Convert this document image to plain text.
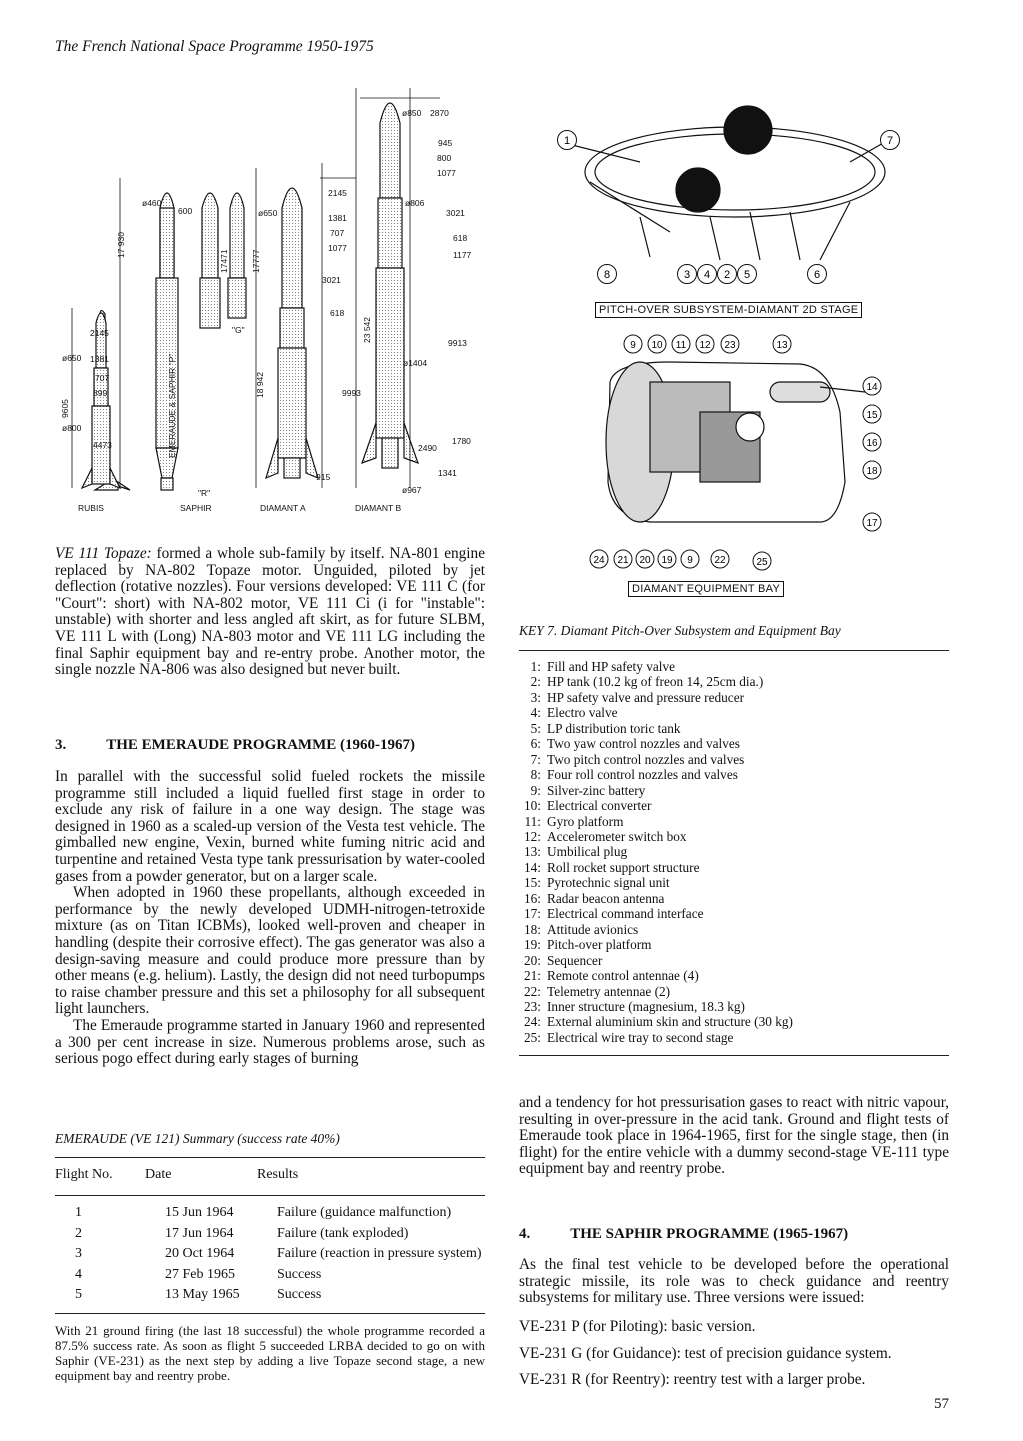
The French National Space Programme 1950-1975
RUBIS	SAPHIR	DIAMANT A	DIAMANT B
"R"
"G"
17 930
9605	EMERAUDE & SAPHIR "P"
17471	17777
18 942
23 542
2145
ø650 1381
707
899
ø800
4473
ø460
600	ø650
2145
1381
707
1077
3021
618
9993
915
ø850 2870
945
800
1077
ø806
3021
618
1177
9913
ø1404
2490
1780
1341
ø967

VE 111 Topaze: formed a whole sub-family by itself. NA-801 engine replaced by NA-802 Topaze motor. Unguided, piloted by jet deflection (rotative nozzles). Four versions developed: VE 111 C (for "Court": short) with NA-802 motor, VE 111 Ci (i for "instable": unstable) with shorter and less angled aft skirt, as for future SLBM, VE 111 L with (Long) NA-803 motor and VE 111 LG including the final Saphir equipment bay and re-entry probe. Another motor, the single nozzle NA-806 was also designed but never built.

3.	THE EMERAUDE PROGRAMME (1960-1967)

In parallel with the successful solid fueled rockets the missile programme still included a liquid fuelled first stage in order to exclude any risk of failure in a one way design. The stage was designed in 1960 as a scaled-up version of the Vesta test vehicle. The gimballed new engine, Vexin, burned white fuming nitric acid and turpentine and retained Vesta type tank pressurisation by water-cooled gases from a powder generator, but on a larger scale.

When adopted in 1960 these propellants, although exceeded in performance by the newly developed UDMH-nitrogen-tetroxide mixture (as on Titan ICBMs), looked well-proven and cheaper in handling (despite their corrosive effect). The gas generator was also a design-saving measure and could produce more pressure than by other means (e.g. helium). Lastly, the design did not need turbopumps to raise chamber pressure and this set a philosophy for all subsequent light launchers.

The Emeraude programme started in January 1960 and represented a 300 per cent increase in size. Numerous problems arose, such as serious pogo effect during early stages of burning

EMERAUDE (VE 121) Summary (success rate 40%)
Flight No.	Date	Results
1	15 Jun 1964	Failure (guidance malfunction)
2	17 Jun 1964	Failure (tank exploded)
3	20 Oct 1964	Failure (reaction in pressure system)
4	27 Feb 1965	Success
5	13 May 1965	Success
With 21 ground firing (the last 18 successful) the whole programme recorded a 87.5% success rate. As soon as flight 5 succeeded LRBA decided to go on with Saphir (VE-231) as the next step by adding a live Topaze second stage, a new equipment bay and reentry probe.
1	7
8	3 4 2 5	6
9 10 11 12 23	13
14
15
16
18
17
24 21 20 19 9 22	25
PITCH-OVER SUBSYSTEM-DIAMANT 2D STAGE
DIAMANT EQUIPMENT BAY
KEY 7. Diamant Pitch-Over Subsystem and Equipment Bay
1: Fill and HP safety valve
2: HP tank (10.2 kg of freon 14, 25cm dia.)
3: HP safety valve and pressure reducer
4: Electro valve
5: LP distribution toric tank
6: Two yaw control nozzles and valves
7: Two pitch control nozzles and valves
8: Four roll control nozzles and valves
9: Silver-zinc battery
10: Electrical converter
11: Gyro platform
12: Accelerometer switch box
13: Umbilical plug
14: Roll rocket support structure
15: Pyrotechnic signal unit
16: Radar beacon antenna
17: Electrical command interface
18: Attitude avionics
19: Pitch-over platform
20: Sequencer
21: Remote control antennae (4)
22: Telemetry antennae (2)
23: Inner structure (magnesium, 18.3 kg)
24: External aluminium skin and structure (30 kg)
25: Electrical wire tray to second stage
and a tendency for hot pressurisation gases to react with nitric vapour, resulting in over-pressure in the acid tank. Ground and flight tests of Emeraude took place in 1964-1965, first for the single stage, then (in flight) for the entire vehicle with a dummy second-stage VE-111 type equipment bay and reentry probe.
4.	THE SAPHIR PROGRAMME (1965-1967)
As the final test vehicle to be developed before the operational strategic missile, its role was to check guidance and reentry subsystems for military use. Three versions were issued:
VE-231 P (for Piloting): basic version.
VE-231 G (for Guidance): test of precision guidance system.
VE-231 R (for Reentry): reentry test with a larger probe.
57
